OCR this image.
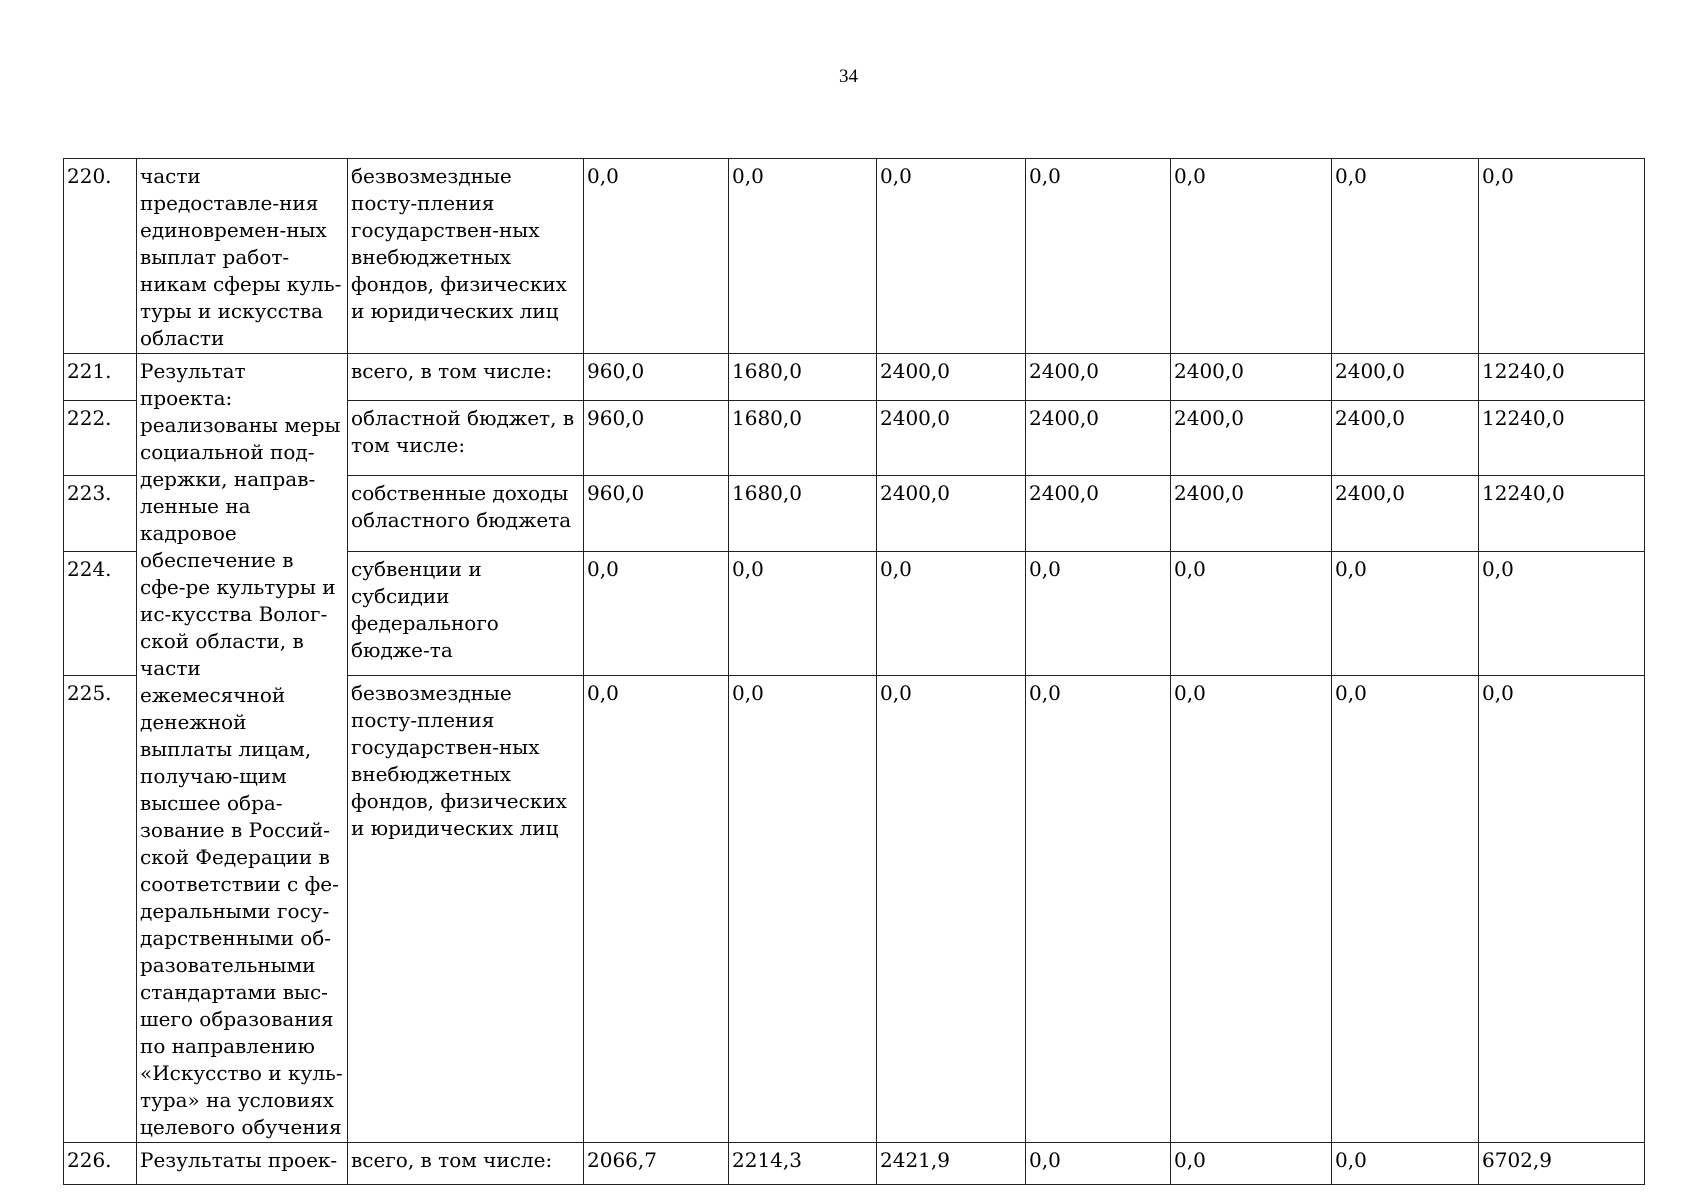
34
220.	части предоставле-ния единовремен-ных выплат работ-никам сферы куль-туры и искусства области	безвозмездные посту-пления государствен-ных внебюджетных фондов, физических и юридических лиц	0,0	0,0	0,0	0,0	0,0	0,0	0,0
221.	Результат проекта: реализованы меры социальной под-держки, направ-ленные на кадровое обеспечение в сфе-ре культуры и ис-кусства Волог-ской области, в части ежемесячной денежной выплаты лицам, получаю-щим высшее обра-зование в Россий-ской Федерации в соответствии с фе-деральными госу-дарственными об-разовательными стандартами выс-шего образования по направлению «Искусство и куль-тура» на условиях целевого обучения	всего, в том числе:	960,0	1680,0	2400,0	2400,0	2400,0	2400,0	12240,0
222.		областной бюджет, в том числе:	960,0	1680,0	2400,0	2400,0	2400,0	2400,0	12240,0
223.		собственные доходы областного бюджета	960,0	1680,0	2400,0	2400,0	2400,0	2400,0	12240,0
224.		субвенции и субсидии федерального бюдже-та	0,0	0,0	0,0	0,0	0,0	0,0	0,0
225.		безвозмездные посту-пления государствен-ных внебюджетных фондов, физических и юридических лиц	0,0	0,0	0,0	0,0	0,0	0,0	0,0
226.	Результаты проек-	всего, в том числе:	2066,7	2214,3	2421,9	0,0	0,0	0,0	6702,9
